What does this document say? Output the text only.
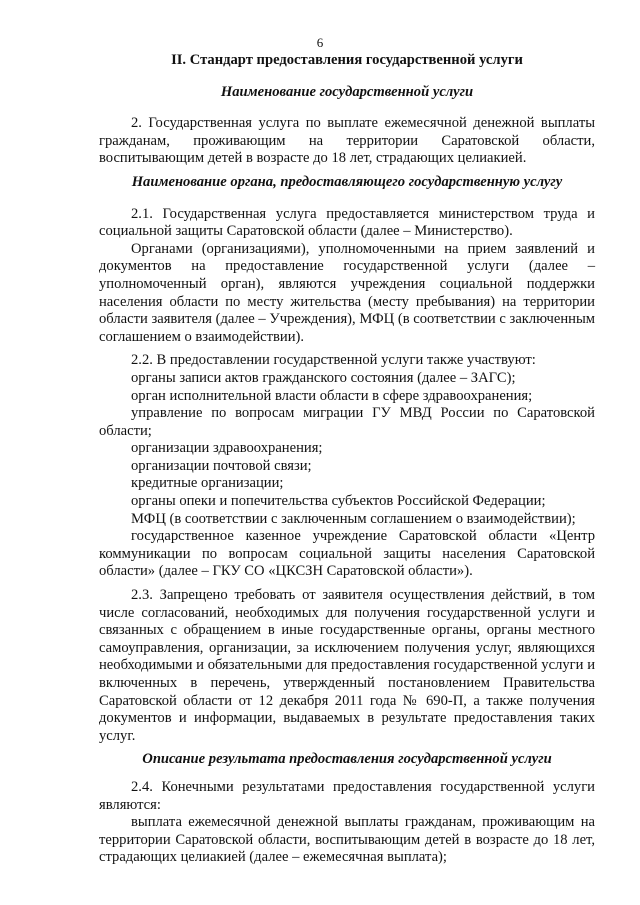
6
II. Стандарт предоставления государственной услуги
Наименование государственной услуги

2. Государственная услуга по выплате ежемесячной денежной выплаты гражданам, проживающим на территории Саратовской области, воспитывающим детей в возрасте до 18 лет, страдающих целиакией.

Наименование органа, предоставляющего государственную услугу

2.1. Государственная услуга предоставляется министерством труда и социальной защиты Саратовской области (далее – Министерство).

Органами (организациями), уполномоченными на прием заявлений и документов на предоставление государственной услуги (далее – уполномоченный орган), являются учреждения социальной поддержки населения области по месту жительства (месту пребывания) на территории области заявителя (далее – Учреждения), МФЦ (в соответствии с заключенным соглашением о взаимодействии).

2.2. В предоставлении государственной услуги также участвуют:

органы записи актов гражданского состояния (далее – ЗАГС);

орган исполнительной власти области в сфере здравоохранения;

управление по вопросам миграции ГУ МВД России по Саратовской области;

организации здравоохранения;

организации почтовой связи;

кредитные организации;

органы опеки и попечительства субъектов Российской Федерации;

МФЦ (в соответствии с заключенным соглашением о взаимодействии);

государственное казенное учреждение Саратовской области «Центр коммуникации по вопросам социальной защиты населения Саратовской области» (далее – ГКУ СО «ЦКСЗН Саратовской области»).

2.3. Запрещено требовать от заявителя осуществления действий, в том числе согласований, необходимых для получения государственной услуги и связанных с обращением в иные государственные органы, органы местного самоуправления, организации, за исключением получения услуг, являющихся необходимыми и обязательными для предоставления государственной услуги и включенных в перечень, утвержденный постановлением Правительства Саратовской области от 12 декабря 2011 года № 690-П, а также получения документов и информации, выдаваемых в результате предоставления таких услуг.

Описание результата предоставления государственной услуги

2.4. Конечными результатами предоставления государственной услуги являются:

выплата ежемесячной денежной выплаты гражданам, проживающим на территории Саратовской области, воспитывающим детей в возрасте до 18 лет, страдающих целиакией (далее – ежемесячная выплата);
